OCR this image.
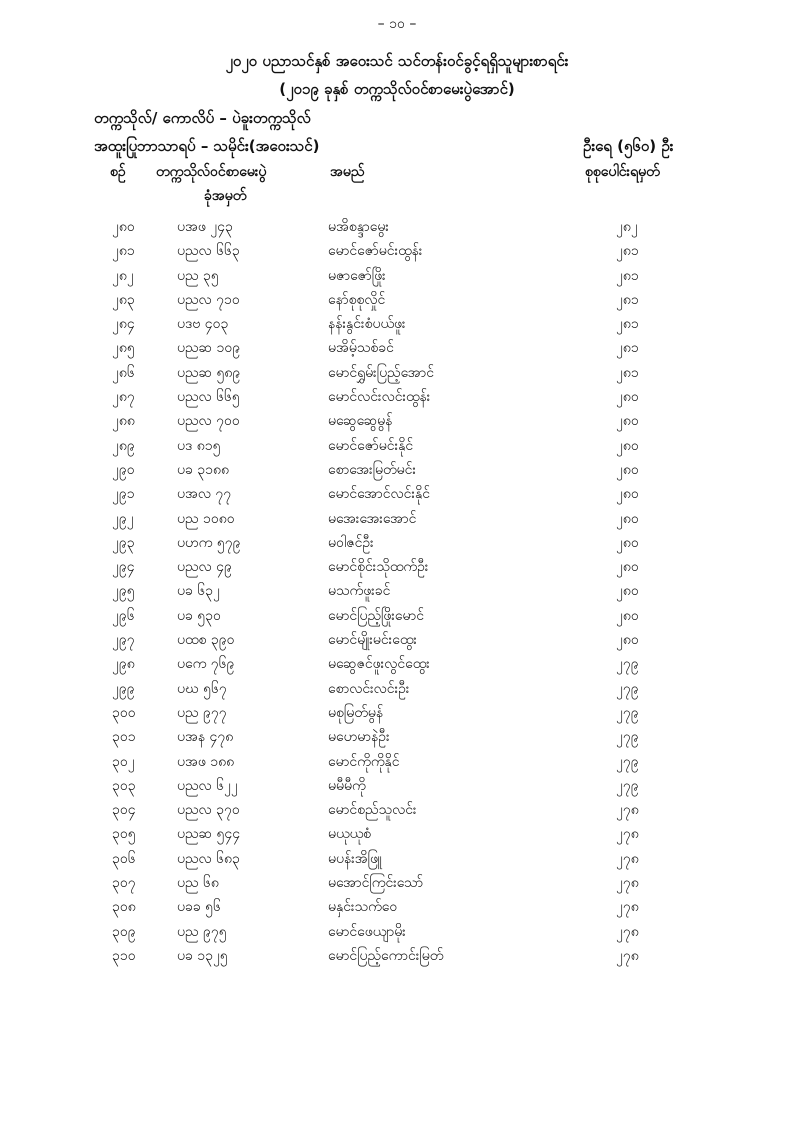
– ၁၀ –
၂၀၂၀ ပညာသင်နှစ် အဝေးသင် သင်တန်းဝင်ခွင့်ရရှိသူများစာရင်း
(၂၀၁၉ ခုနှစ် တက္ကသိုလ်ဝင်စာမေးပွဲအောင်)
တက္ကသိုလ်/ ကောလိပ် – ပဲခူးတက္ကသိုလ်
အထူးပြုဘာသာရပ် – သမိုင်း(အဝေးသင်)	ဦးရေ (၅၆၀) ဦး
စဉ် တက္ကသိုလ်ဝင်စာမေးပွဲ
ခုံအမှတ်
အမည်	စုစုပေါင်းရမှတ်
၂၈၀	ပအဖ ၂၄၃	မအိစန္ဒာမွေး	၂၈၂
၂၈၁	ပညလ ၆၆၃	မောင်ဇော်မင်းထွန်း	၂၈၁
၂၈၂	ပည ၃၅	မဇာဇော်ဖြိုး	၂၈၁
၂၈၃	ပညလ ၇၁၀	နော်စုစုလှိုင်	၂၈၁
၂၈၄	ပဒဗ ၄၀၃	နန်းနွင်းစံပယ်ဖူး	၂၈၁
၂၈၅	ပညဆ ၁၀၉	မအိမ့်သစ်ခင်	၂၈၁
၂၈၆	ပညဆ ၅၈၉	မောင်ရွှမ်းပြည့်အောင်	၂၈၁
၂၈၇	ပညလ ၆၆၅	မောင်လင်းလင်းထွန်း	၂၈၀
၂၈၈	ပညလ ၇၀၀	မဆွေဆွေမွန်	၂၈၀
၂၈၉	ပဒ ၈၁၅	မောင်ဇော်မင်းနိုင်	၂၈၀
၂၉၀	ပခ ၃၁၈၈	စောအေးမြတ်မင်း	၂၈၀
၂၉၁	ပအလ ၇၇	မောင်အောင်လင်းနိုင်	၂၈၀
၂၉၂	ပည ၁၀၈၀	မအေးအေးအောင်	၂၈၀
၂၉၃	ပဟက ၅၇၉	မဝါဇင်ဦး	၂၈၀
၂၉၄	ပညလ ၄၉	မောင်စိုင်းသိုထက်ဦး	၂၈၀
၂၉၅	ပခ ၆၃၂	မသက်ဖူးခင်	၂၈၀
၂၉၆	ပခ ၅၃၀	မောင်ပြည့်ဖြိုးမောင်	၂၈၀
၂၉၇	ပထစ ၃၉၀	မောင်မျိုးမင်းထွေး	၂၈၀
၂၉၈	ပကေ ၇၆၉	မဆွေဇင်ဖူးလွင်ထွေး	၂၇၉
၂၉၉	ပဃ ၅၆၇	စောလင်းလင်းဦး	၂၇၉
၃၀၀	ပည ၉၇၇	မစုမြတ်မွန်	၂၇၉
၃၀၁	ပအန ၄၇၈	မဟေမာနဲဦး	၂၇၉
၃၀၂	ပအဖ ၁၈၈	မောင်ကိုကိုနိုင်	၂၇၉
၃၀၃	ပညလ ၆၂၂	မမီမီကို	၂၇၉
၃၀၄	ပညလ ၃၇၀	မောင်စည်သူလင်း	၂၇၈
၃၀၅	ပညဆ ၅၄၄	မယုယုစံ	၂၇၈
၃၀၆	ပညလ ၆၈၃	မပန်းအိဖြူ	၂၇၈
၃၀၇	ပည ၆၈	မအောင်ကြင်းသော်	၂၇၈
၃၀၈	ပခခ ၅၆	မနှင်းသက်ဝေ	၂၇၈
၃၀၉	ပည ၉၇၅	မောင်ဖေယျာမိုး	၂၇၈
၃၁၀	ပခ ၁၃၂၅	မောင်ပြည့်ကောင်းမြတ်	၂၇၈
